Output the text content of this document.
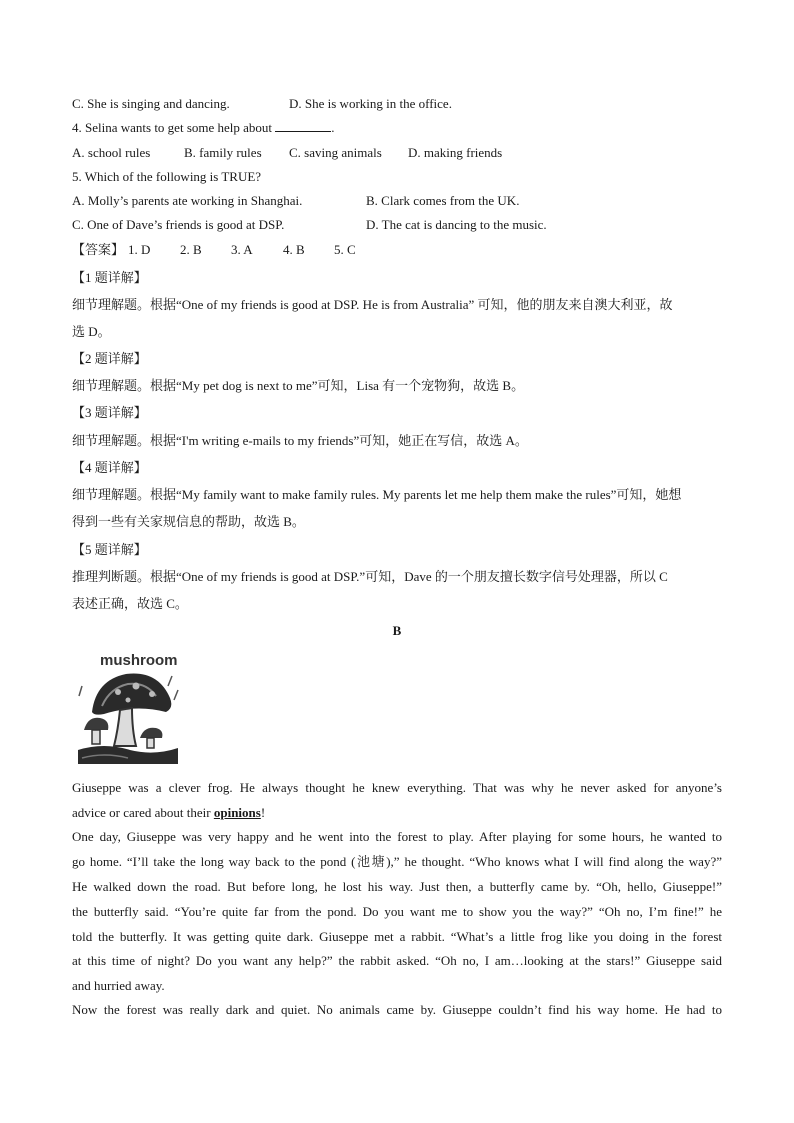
C. She is singing and dancing.	D. She is working in the office.
4. Selina wants to get some help about	.
A. school rules	B. family rules C. saving animals D. making friends
5. Which of the following is TRUE?
A. Molly’s parents ate working in Shanghai.	B. Clark comes from the UK.
C. One of Dave’s friends is good at DSP.	D. The cat is dancing to the music.
【答案】 1. D 2. B 3. A 4. B 5. C
【1 题详解】
细节理解题。根据“One of my friends is good at DSP. He is from Australia” 可知，他的朋友来自澳大利亚，故
选 D。
【2 题详解】
细节理解题。根据“My pet dog is next to me”可知，Lisa 有一个宠物狗，故选 B。
【3 题详解】
细节理解题。根据“I'm writing e-mails to my friends”可知，她正在写信，故选 A。
【4 题详解】
细节理解题。根据“My family want to make family rules. My parents let me help them make the rules”可知，她想
得到一些有关家规信息的帮助，故选 B。
【5 题详解】
推理判断题。根据“One of my friends is good at DSP.”可知，Dave 的一个朋友擅长数字信号处理器，所以 C
表述正确，故选 C。
B
mushroom
Giuseppe was a clever frog. He always thought he knew everything. That was why he never asked for anyone’s
advice or cared about their opinions!
One day, Giuseppe was very happy and he went into the forest to play. After playing for some hours, he wanted to
go home. “I’ll take the long way back to the pond (池塘),” he thought. “Who knows what I will find along the way?”
He walked down the road. But before long, he lost his way. Just then, a butterfly came by. “Oh, hello, Giuseppe!”
the butterfly said. “You’re quite far from the pond. Do you want me to show you the way?” “Oh no, I’m fine!” he
told the butterfly. It was getting quite dark. Giuseppe met a rabbit. “What’s a little frog like you doing in the forest
at this time of night? Do you want any help?” the rabbit asked. “Oh no, I am…looking at the stars!” Giuseppe said
and hurried away.
Now the forest was really dark and quiet. No animals came by. Giuseppe couldn’t find his way home. He had to
